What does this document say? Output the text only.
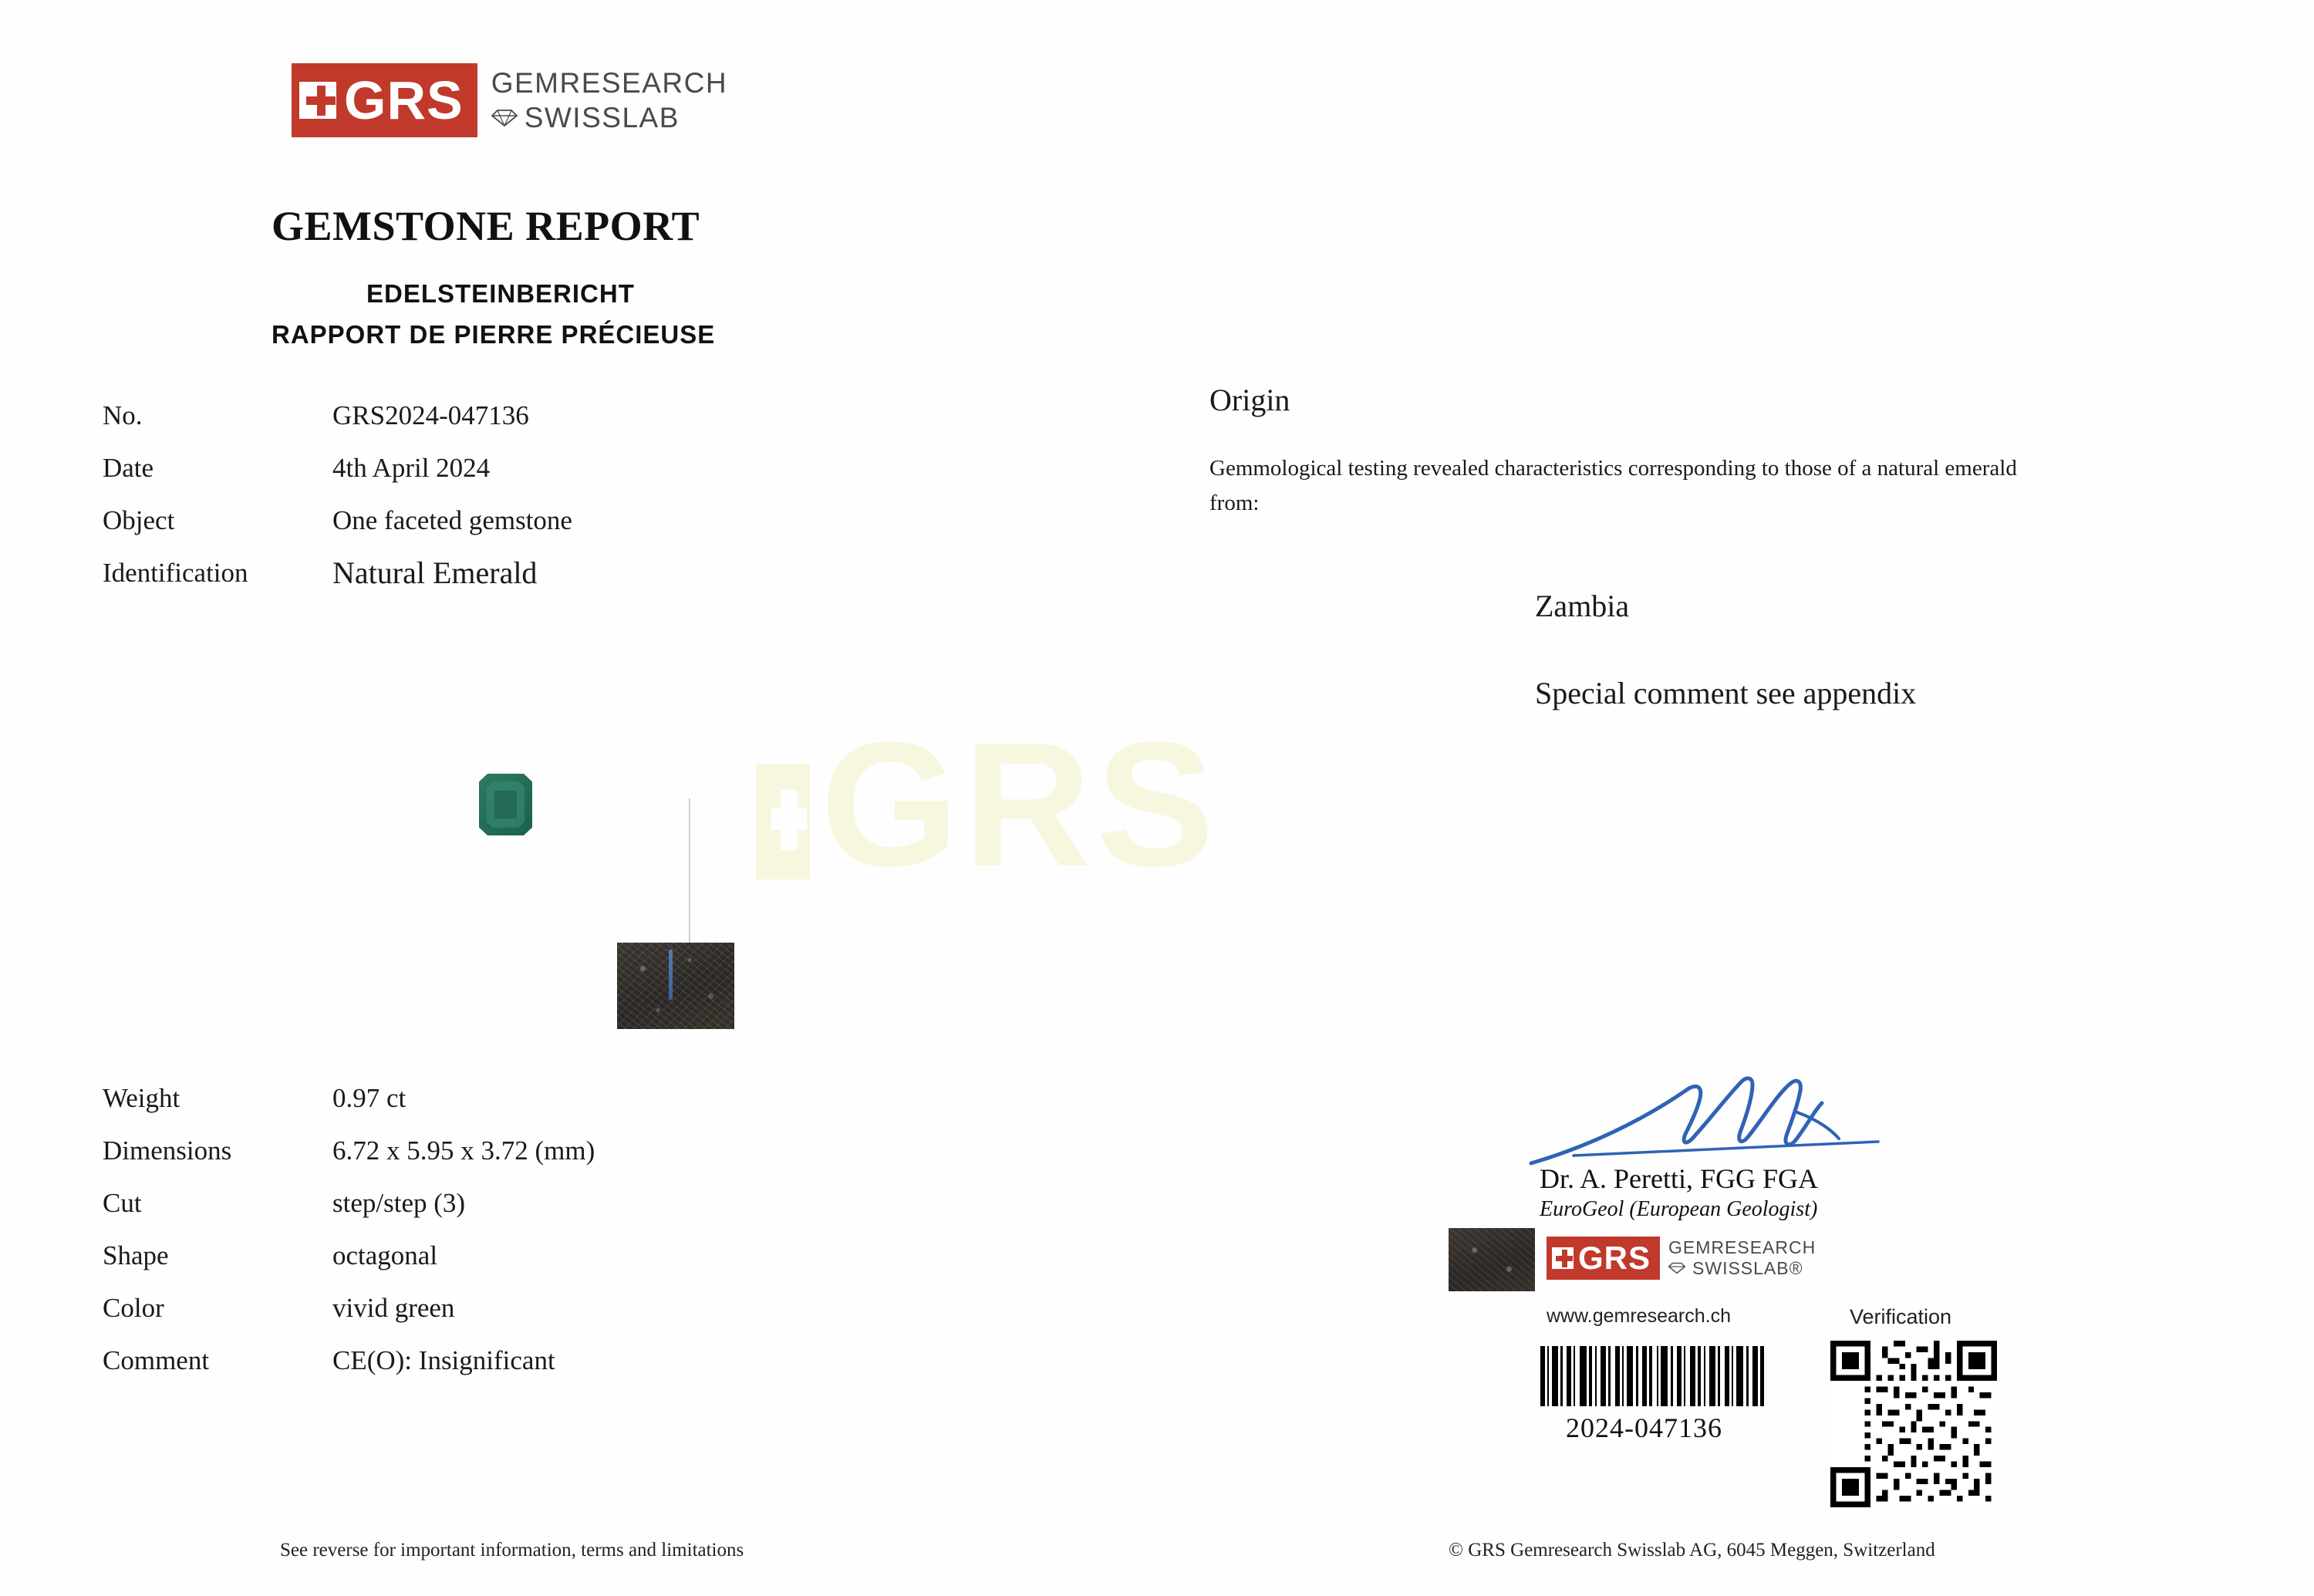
GRS
GRS GEMRESEARCH
SWISSLAB
GEMSTONE REPORT
EDELSTEINBERICHT
RAPPORT DE PIERRE PRÉCIEUSE
No.	GRS2024-047136
Date	4th April 2024
Object	One faceted gemstone
Identification	Natural Emerald
Origin
Gemmological testing revealed characteristics corresponding to those of a natural emerald from:
Zambia
Special comment see appendix
Weight	0.97 ct
Dimensions	6.72 x 5.95 x 3.72 (mm)
Cut	step/step (3)
Shape	octagonal
Color	vivid green
Comment	CE(O): Insignificant
Dr. A. Peretti, FGG FGA
EuroGeol (European Geologist)
GRS GEMRESEARCH
SWISSLAB®
www.gemresearch.ch	Verification
2024-047136
See reverse for important information, terms and limitations	© GRS Gemresearch Swisslab AG, 6045 Meggen, Switzerland
